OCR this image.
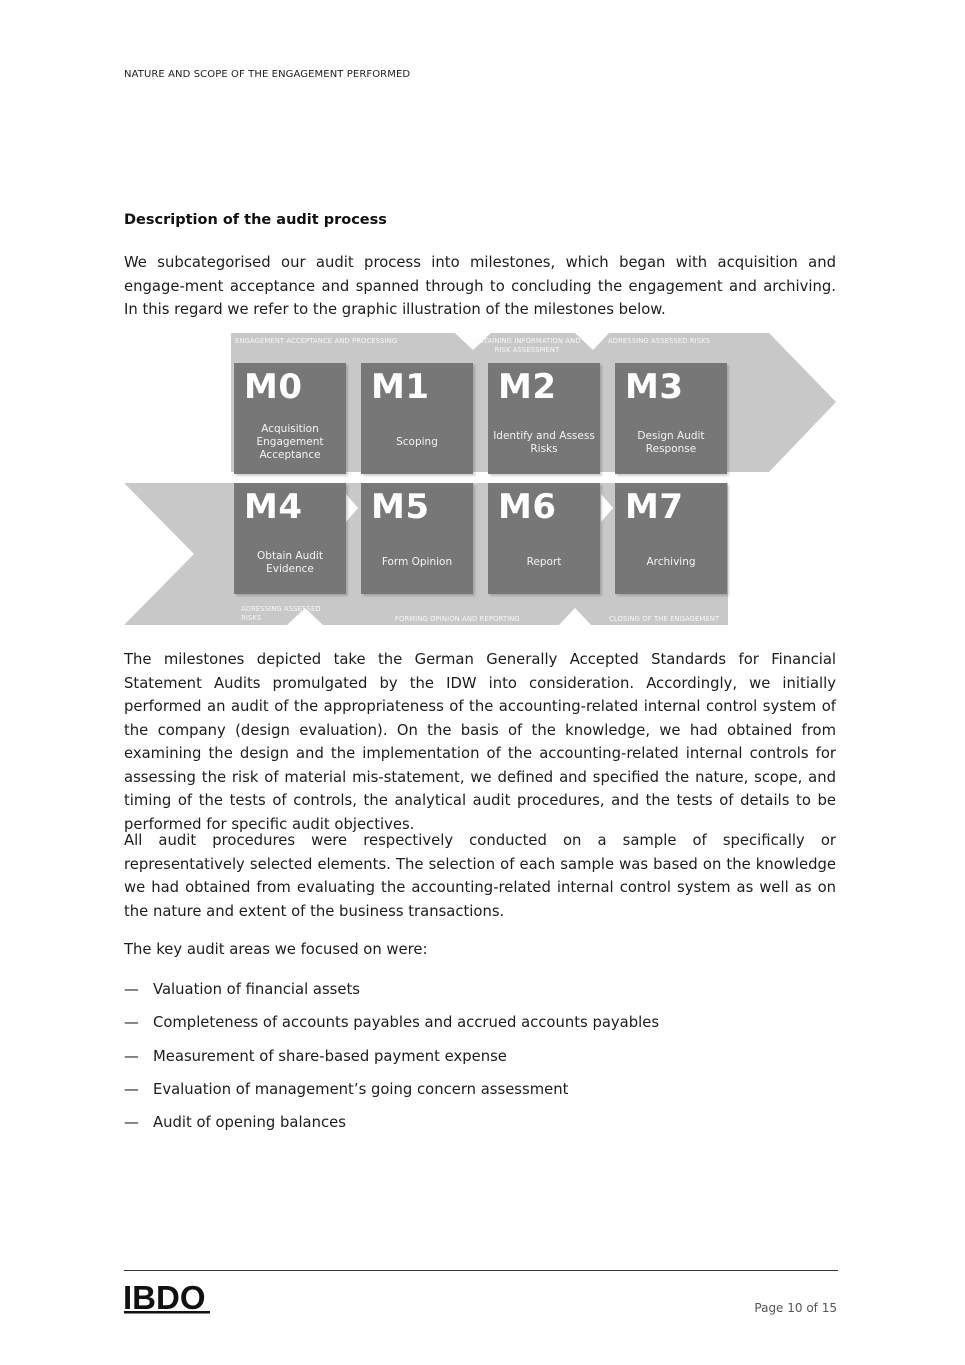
NATURE AND SCOPE OF THE ENGAGEMENT PERFORMED
Description of the audit process

We subcategorised our audit process into milestones, which began with acquisition and engage-ment acceptance and spanned through to concluding the engagement and archiving. In this regard we refer to the graphic illustration of the milestones below.

ENGAGEMENT ACCEPTANCE AND PROCESSING	OBTAINING INFORMATION AND RISK ASSESSMENT
ADRESSING ASSESSED RISKS
M0
Acquisition Engagement Acceptance
M1
Scoping
M2
Identify and Assess Risks
M3
Design Audit Response
M4
Obtain Audit Evidence
M5
Form Opinion
M6
Report
M7
Archiving
ADRESSING ASSESSED RISKS	FORMING OPINION AND REPORTING	CLOSING OF THE ENGAGEMENT

The milestones depicted take the German Generally Accepted Standards for Financial Statement Audits promulgated by the IDW into consideration. Accordingly, we initially performed an audit of the appropriateness of the accounting-related internal control system of the company (design evaluation). On the basis of the knowledge, we had obtained from examining the design and the implementation of the accounting-related internal controls for assessing the risk of material mis-statement, we defined and specified the nature, scope, and timing of the tests of controls, the analytical audit procedures, and the tests of details to be performed for specific audit objectives.

All audit procedures were respectively conducted on a sample of specifically or representatively selected elements. The selection of each sample was based on the knowledge we had obtained from evaluating the accounting-related internal control system as well as on the nature and extent of the business transactions.

The key audit areas we focused on were:

— Valuation of financial assets
— Completeness of accounts payables and accrued accounts payables
— Measurement of share-based payment expense
— Evaluation of management’s going concern assessment
— Audit of opening balances
IBDO	Page 10 of 15
